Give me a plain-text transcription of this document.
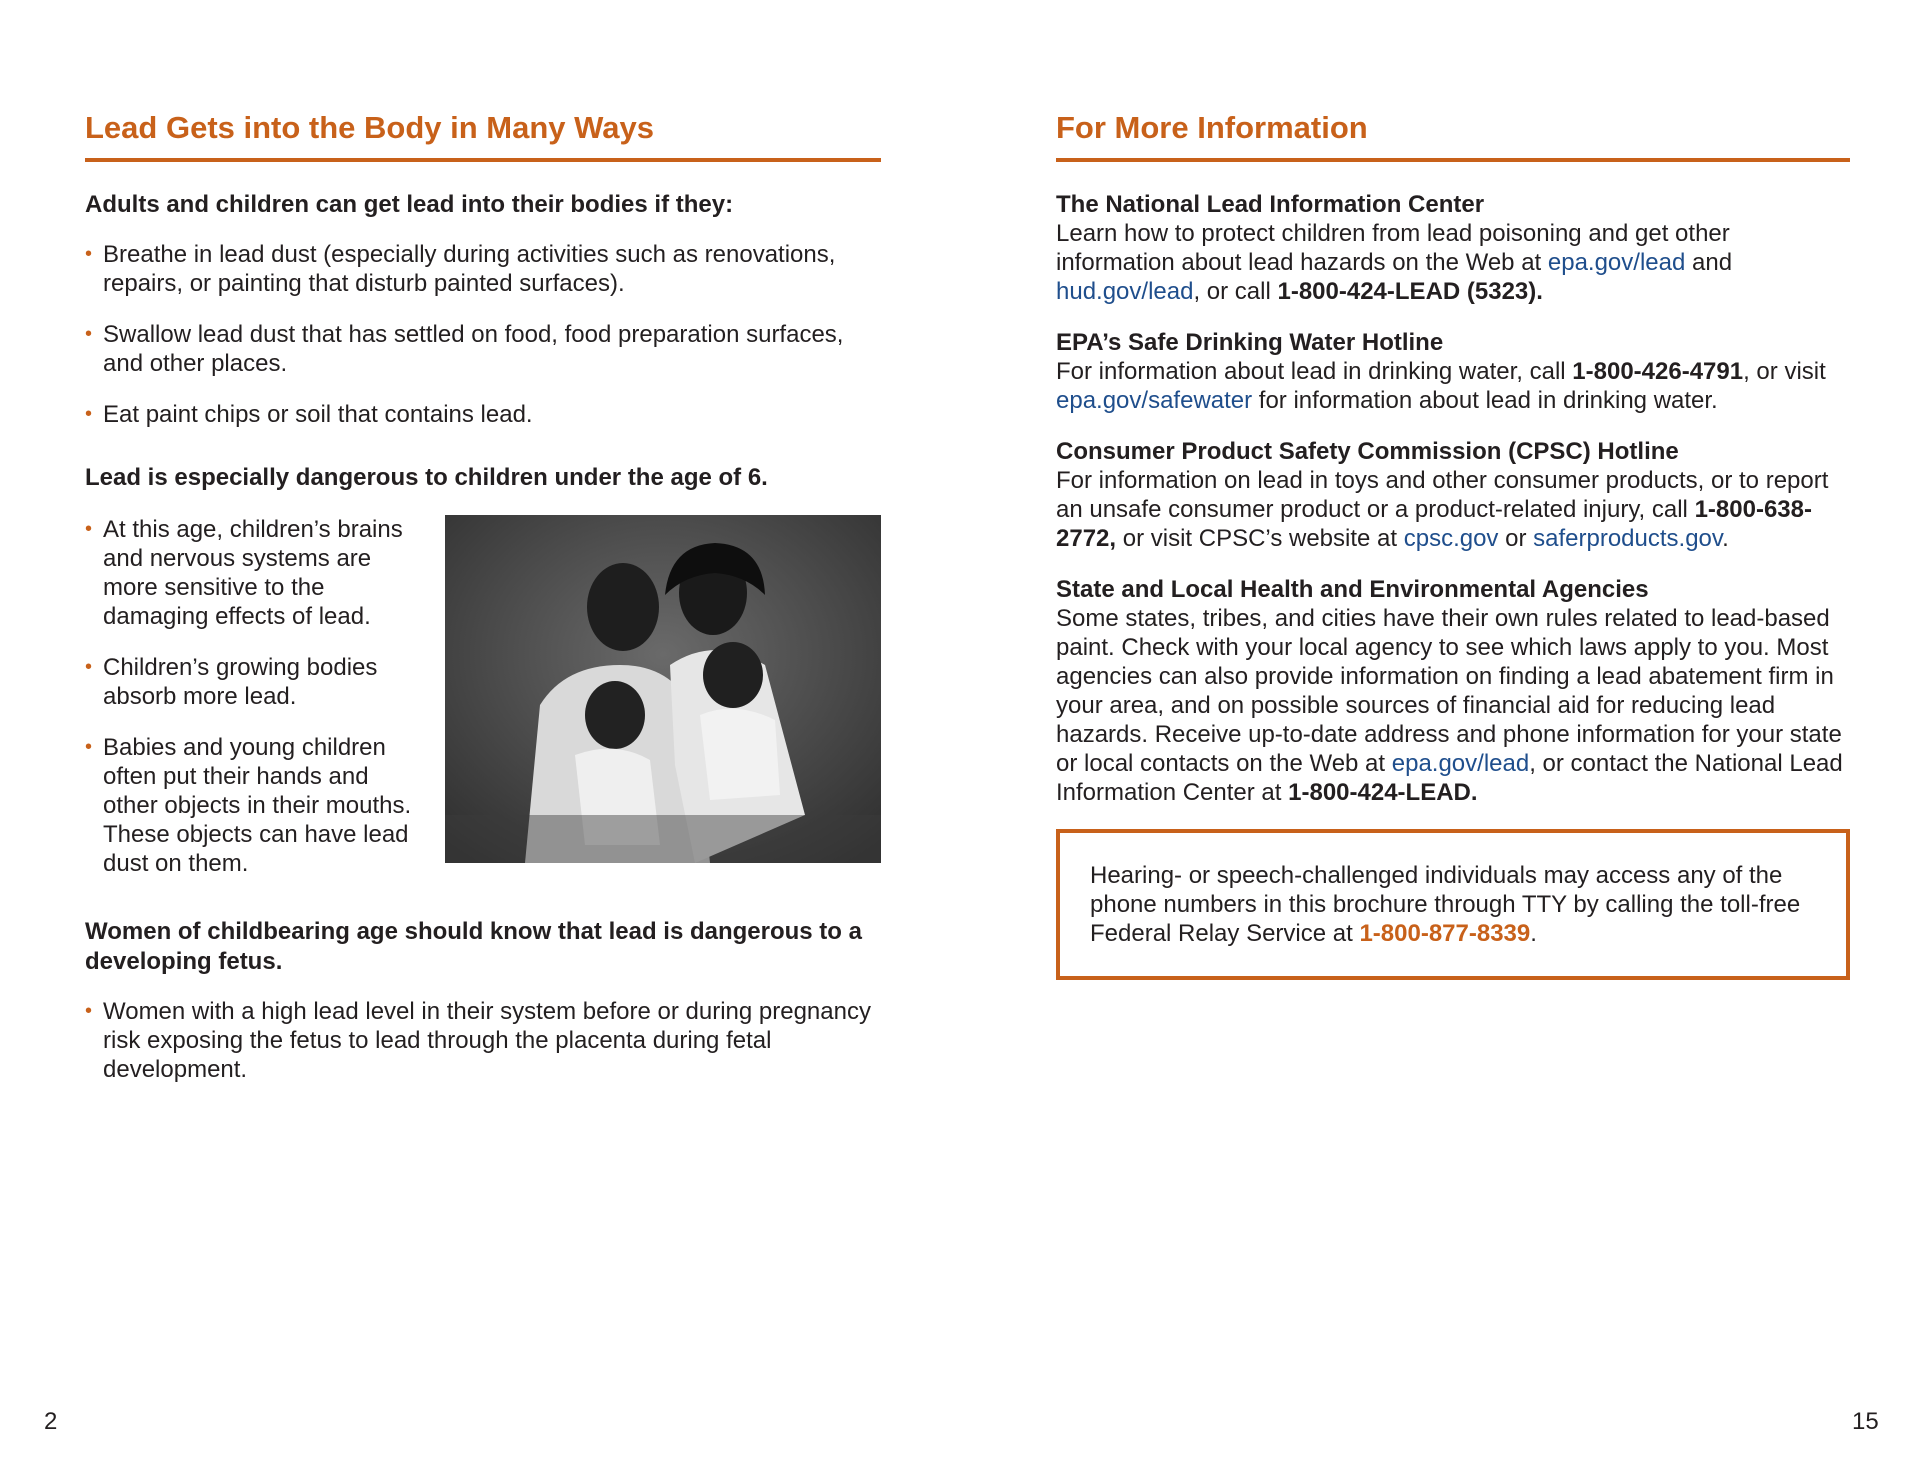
Lead Gets into the Body in Many Ways

Adults and children can get lead into their bodies if they:

• Breathe in lead dust (especially during activities such as renovations, repairs, or painting that disturb painted surfaces).
• Swallow lead dust that has settled on food, food preparation surfaces, and other places.
• Eat paint chips or soil that contains lead.

Lead is especially dangerous to children under the age of 6.

• At this age, children’s brains and nervous systems are more sensitive to the damaging effects of lead.
• Children’s growing bodies absorb more lead.
• Babies and young children often put their hands and other objects in their mouths. These objects can have lead dust on them.

Women of childbearing age should know that lead is dangerous to a developing fetus.

• Women with a high lead level in their system before or during pregnancy risk exposing the fetus to lead through the placenta during fetal development.
For More Information
The National Lead Information Center
Learn how to protect children from lead poisoning and get other information about lead hazards on the Web at epa.gov/lead and hud.gov/lead, or call 1-800-424-LEAD (5323).
EPA’s Safe Drinking Water Hotline
For information about lead in drinking water, call 1-800-426-4791, or visit epa.gov/safewater for information about lead in drinking water.
Consumer Product Safety Commission (CPSC) Hotline
For information on lead in toys and other consumer products, or to report an unsafe consumer product or a product-related injury, call 1-800-638-2772, or visit CPSC’s website at cpsc.gov or saferproducts.gov.
State and Local Health and Environmental Agencies
Some states, tribes, and cities have their own rules related to lead-based paint. Check with your local agency to see which laws apply to you. Most agencies can also provide information on finding a lead abatement firm in your area, and on possible sources of financial aid for reducing lead hazards. Receive up-to-date address and phone information for your state or local contacts on the Web at epa.gov/lead, or contact the National Lead Information Center at 1-800-424-LEAD.
Hearing- or speech-challenged individuals may access any of the phone numbers in this brochure through TTY by calling the toll-free Federal Relay Service at 1-800-877-8339.
2	15
